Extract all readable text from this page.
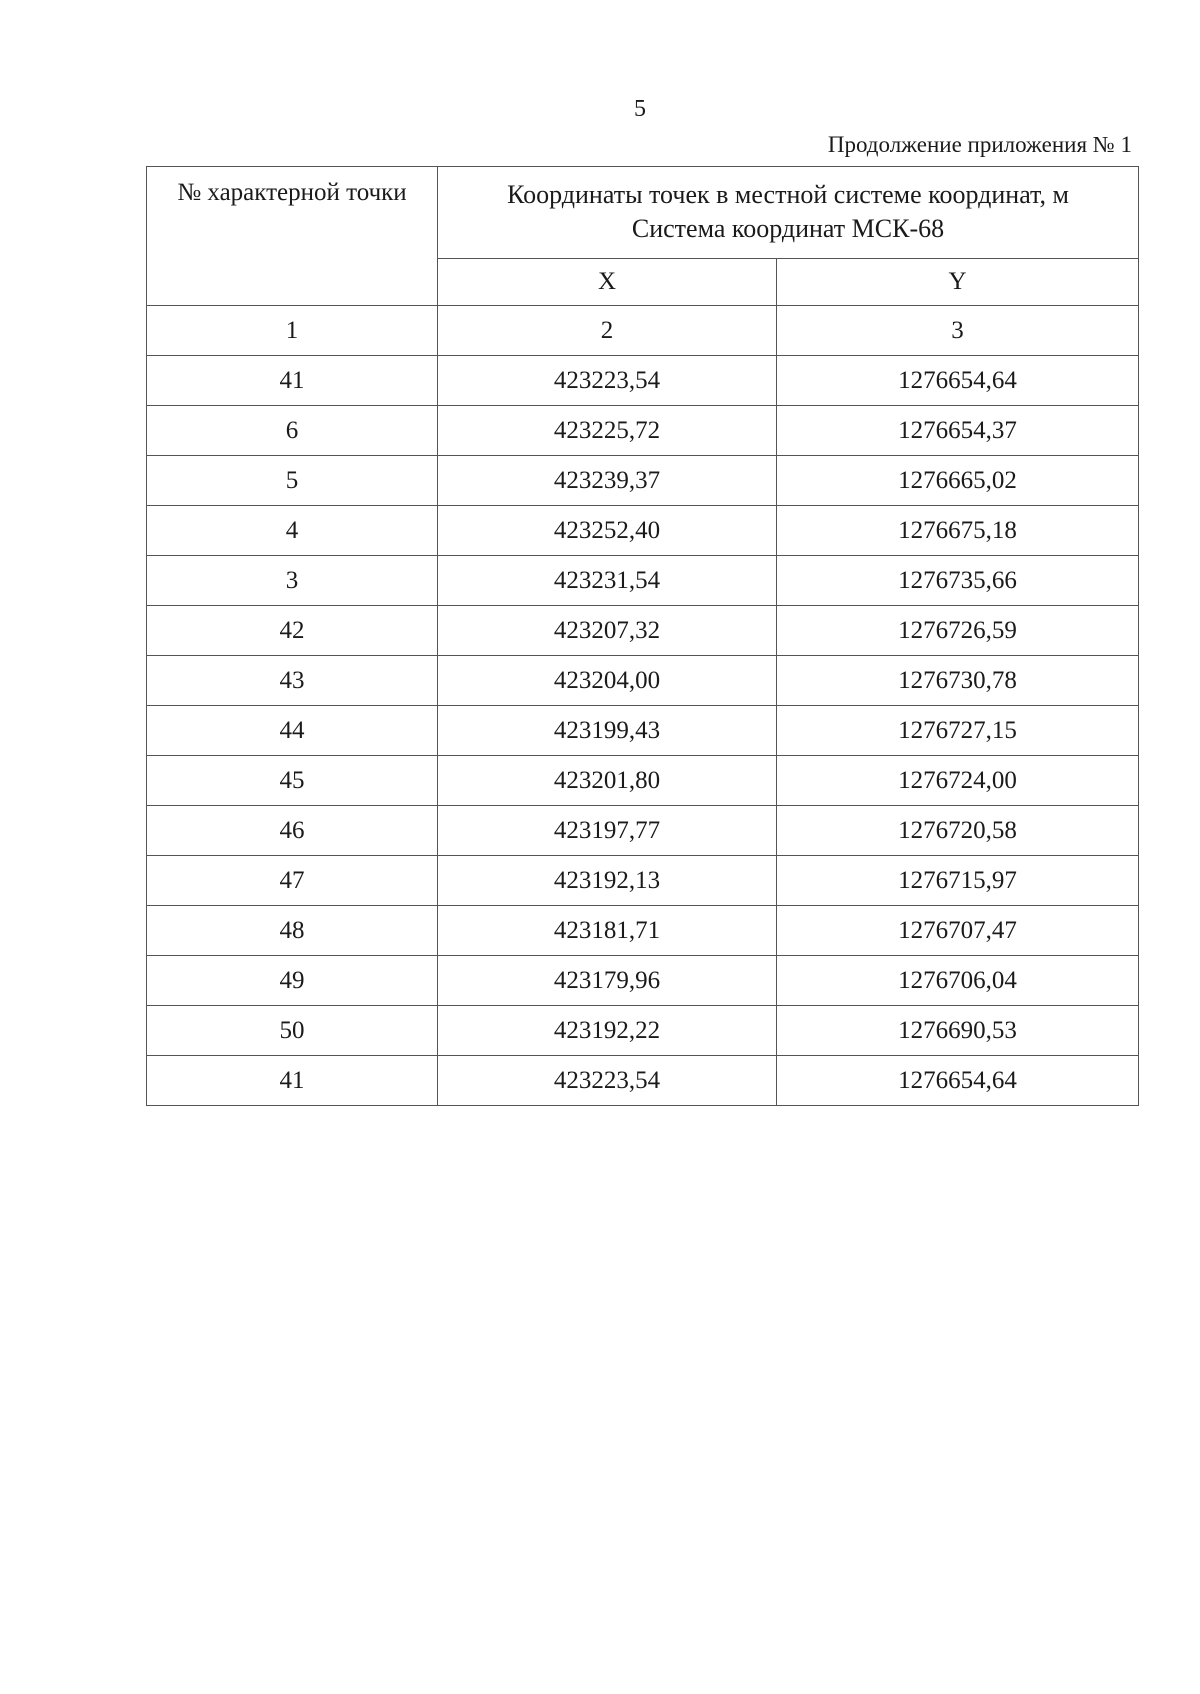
5
Продолжение приложения № 1
№ характерной точки	Координаты точек в местной системе координат, м
Система координат МСК-68	

	X	Y
1	2	3
41	423223,54	1276654,64
6	423225,72	1276654,37
5	423239,37	1276665,02
4	423252,40	1276675,18
3	423231,54	1276735,66
42	423207,32	1276726,59
43	423204,00	1276730,78
44	423199,43	1276727,15
45	423201,80	1276724,00
46	423197,77	1276720,58
47	423192,13	1276715,97
48	423181,71	1276707,47
49	423179,96	1276706,04
50	423192,22	1276690,53
41	423223,54	1276654,64
